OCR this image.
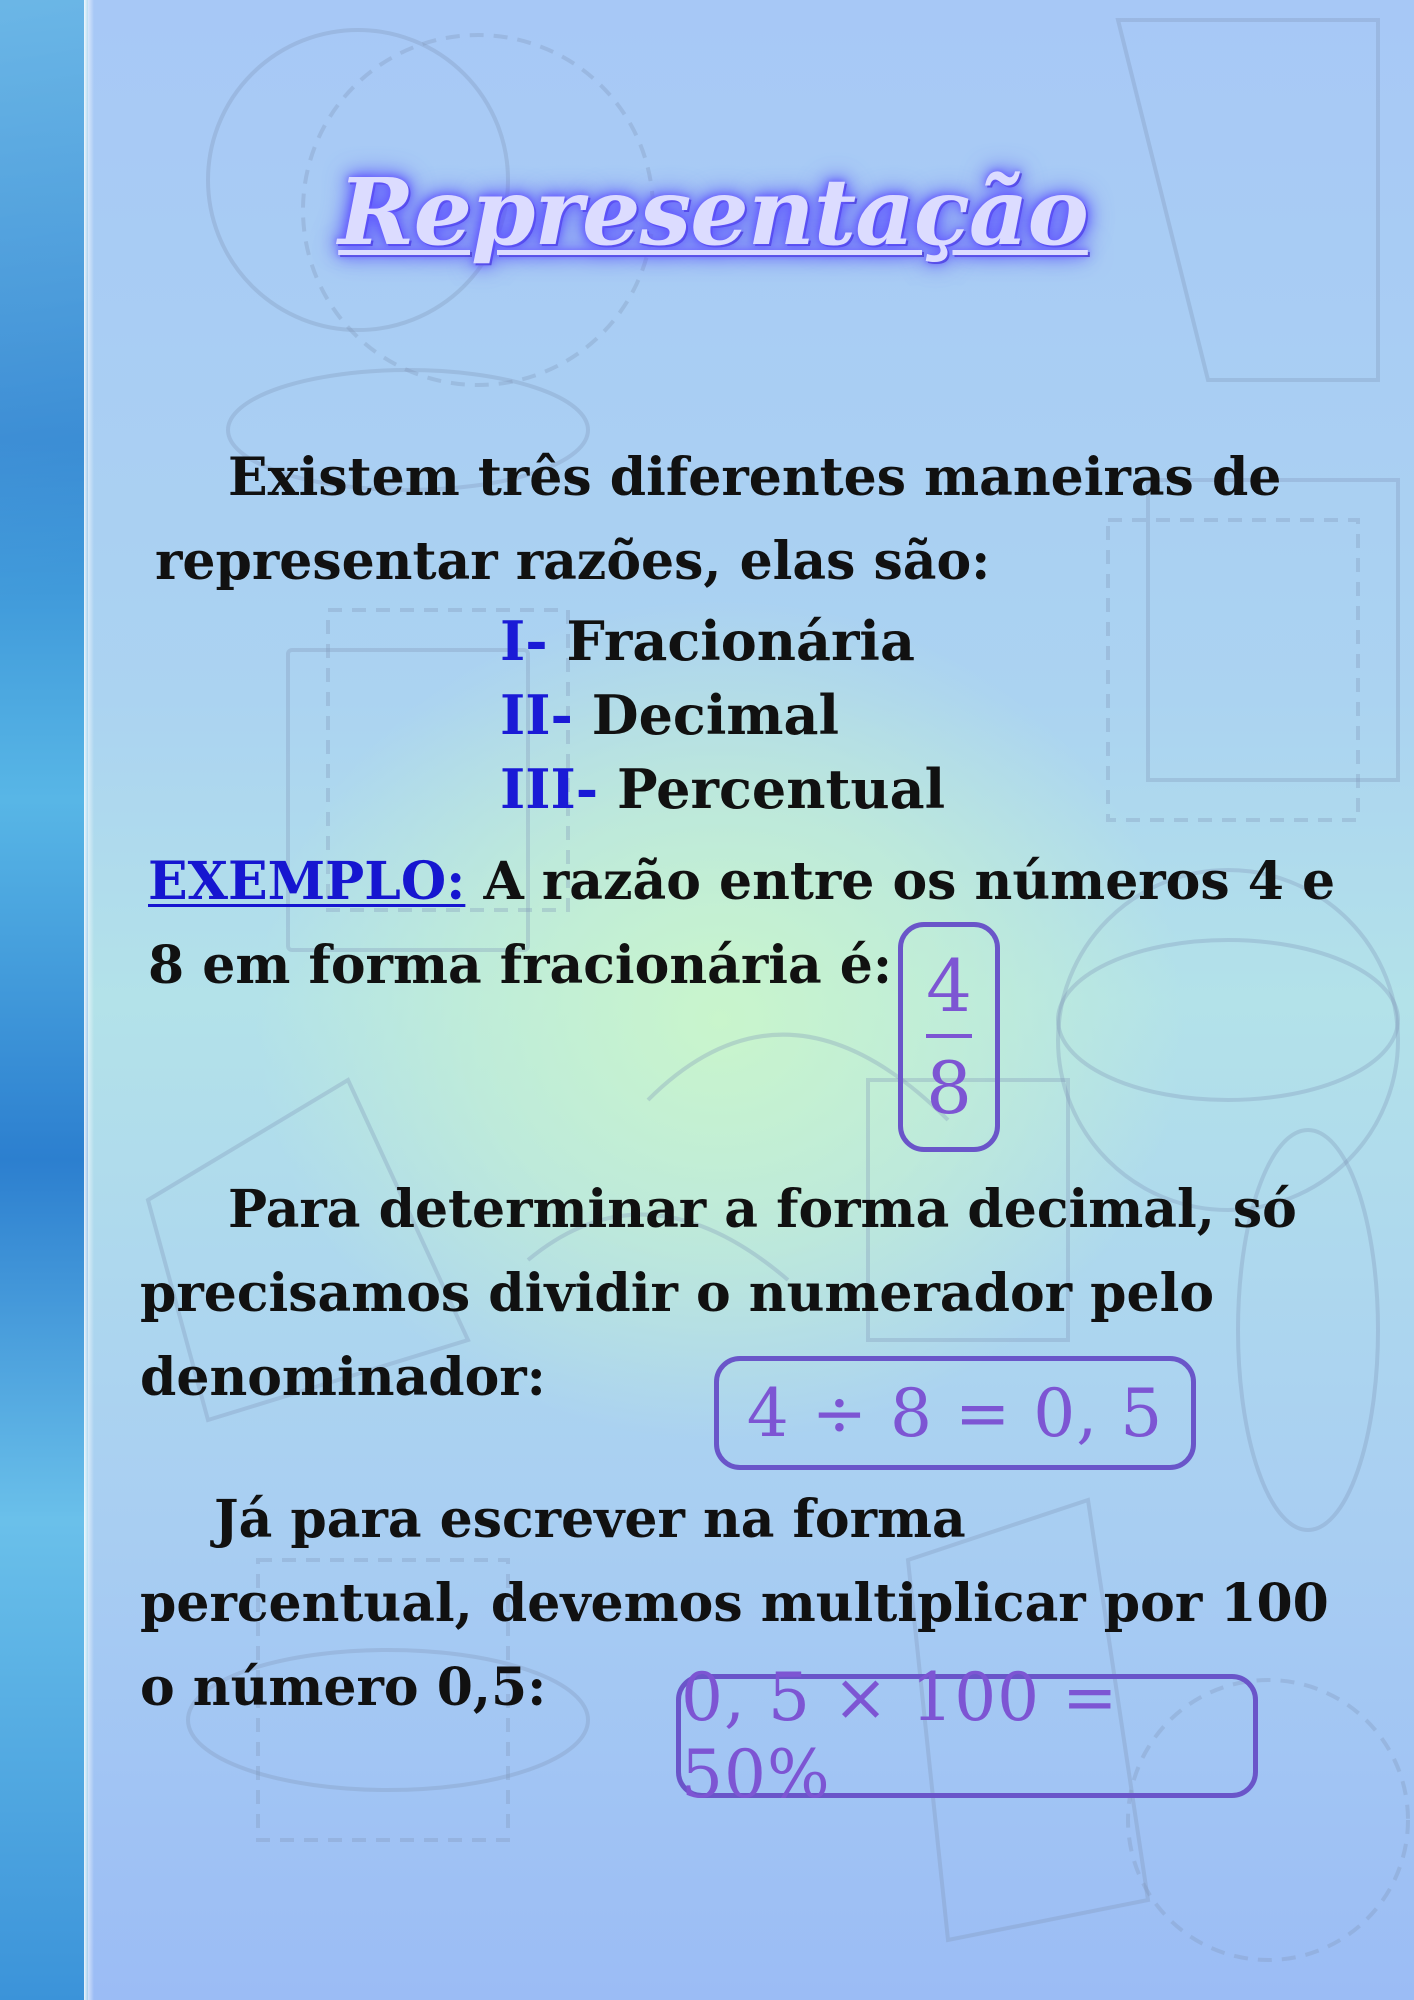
Representação
Existem três diferentes maneiras de
representar razões, elas são:
I- Fracionária
II- Decimal
III- Percentual
EXEMPLO: A razão entre os números 4 e
8 em forma fracionária é: $\frac{4}{8}$
Para determinar a forma decimal, só
precisamos dividir o numerador pelo
denominador:	4 ÷ 8 = 0, 5
Já para escrever na forma
percentual, devemos multiplicar por 100
o número 0,5: 0, 5 × 100 = 50%
